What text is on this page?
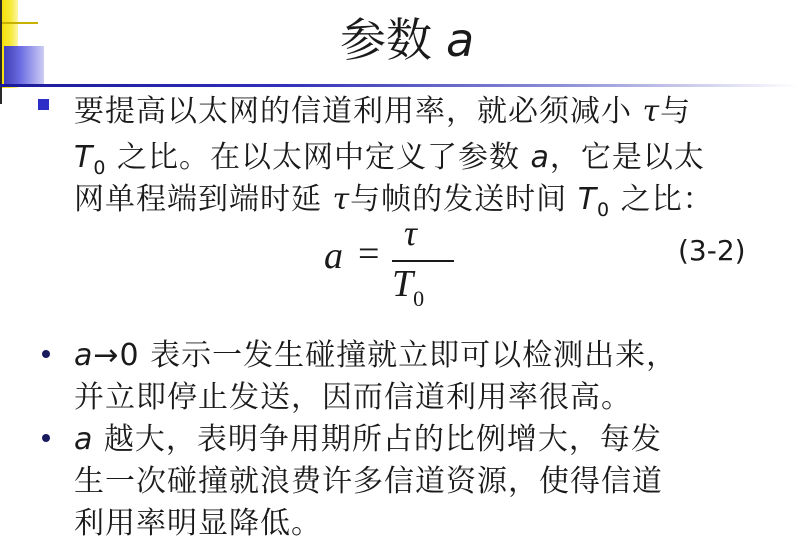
参数 a
要提高以太网的信道利用率，就必须减小 τ与
$T_0$ 之比。在以太网中定义了参数 a，它是以太
网单程端到端时延 τ与帧的发送时间 $T_0$ 之比：
a = τ
$T_0$
(3-2)
a→0 表示一发生碰撞就立即可以检测出来，
并立即停止发送，因而信道利用率很高。
a 越大，表明争用期所占的比例增大，每发
生一次碰撞就浪费许多信道资源，使得信道
利用率明显降低。
